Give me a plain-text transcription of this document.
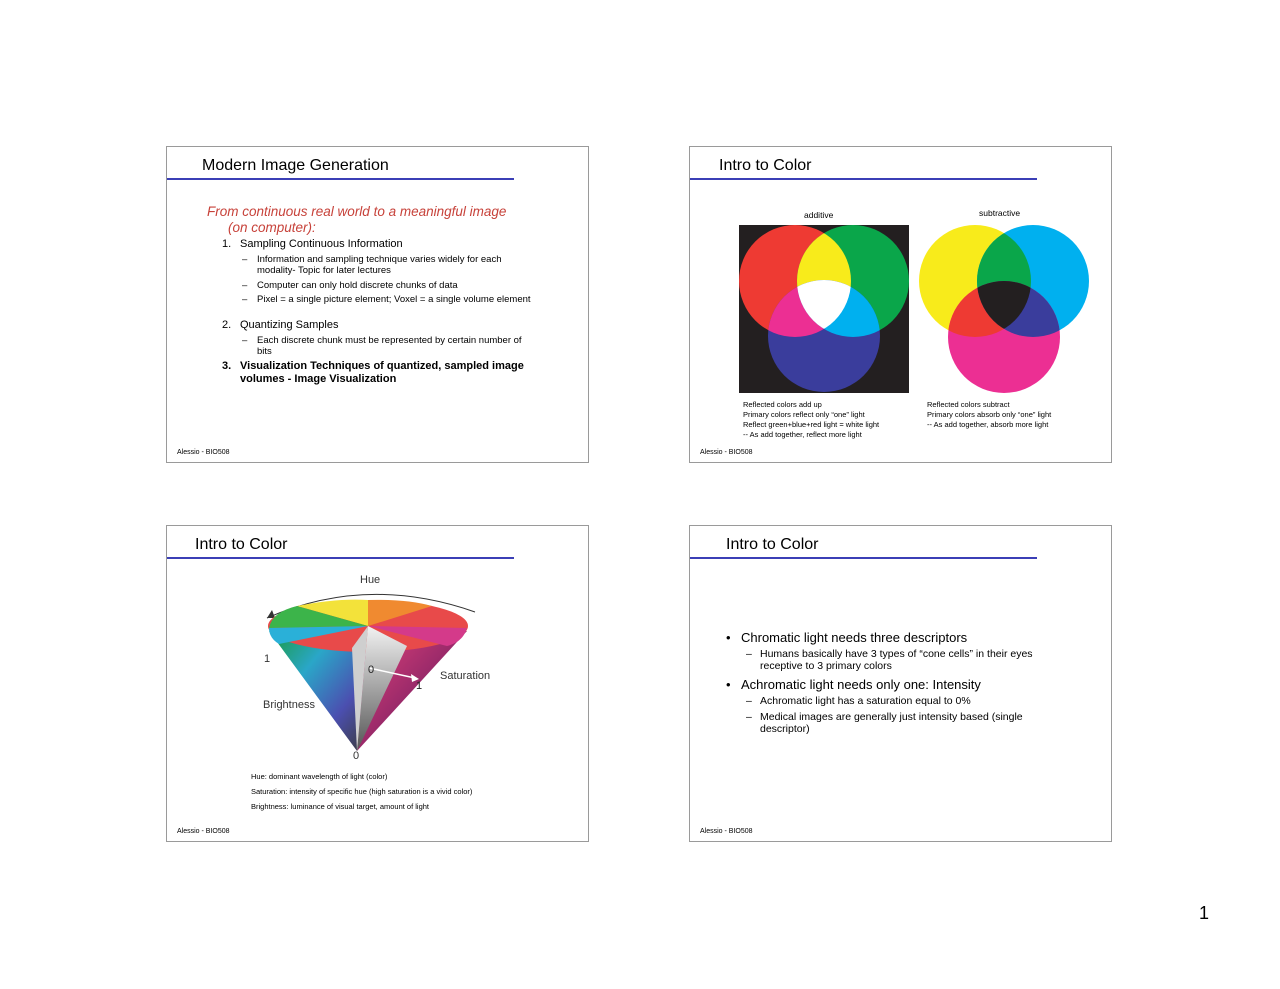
Modern Image Generation
From continuous real world to a meaningful image
(on computer):
1. Sampling Continuous Information
– Information and sampling technique varies widely for each modality- Topic for later lectures
– Computer can only hold discrete chunks of data
– Pixel = a single picture element; Voxel = a single volume element
2. Quantizing Samples
– Each discrete chunk must be represented by certain number of bits
3. Visualization Techniques of quantized, sampled image volumes - Image Visualization
Alessio - BIO508
Intro to Color
additive	subtractive
Reflected colors add up
Primary colors reflect only “one” light
Reflect green+blue+red light = white light
-- As add together, reflect more light
Reflected colors subtract
Primary colors absorb only “one” light
-- As add together, absorb more light
Alessio - BIO508
Intro to Color
Hue
Saturation
Brightness
1
0
1
0
Hue: dominant wavelength of light (color)
Saturation: intensity of specific hue (high saturation is a vivid color)
Brightness: luminance of visual target, amount of light
Alessio - BIO508
Intro to Color
• Chromatic light needs three descriptors
– Humans basically have 3 types of “cone cells” in their eyes receptive to 3 primary colors
• Achromatic light needs only one: Intensity
– Achromatic light has a saturation equal to 0%
– Medical images are generally just intensity based (single descriptor)
Alessio - BIO508
1
